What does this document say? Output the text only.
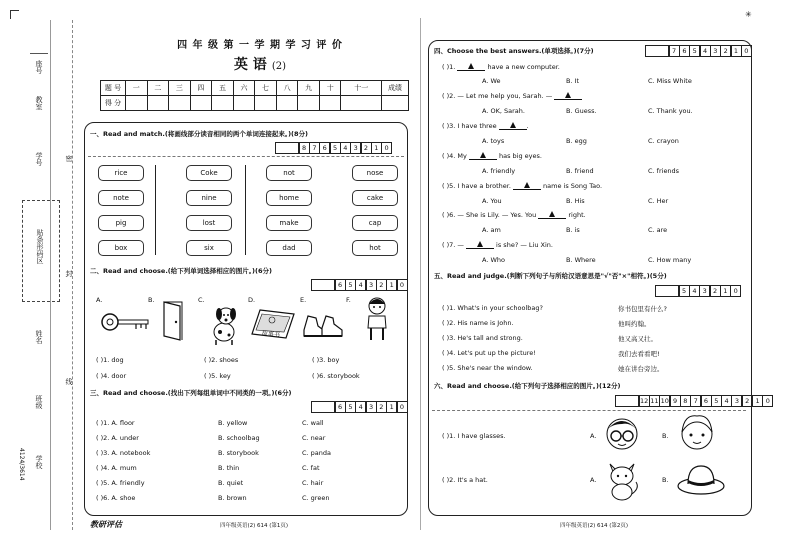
座号
教室
学号	密
贴条形码区
封
姓名
线
班级
学校
4124/3614
四 年 级 第 一 学 期 学 习 评 价
英 语 (2)
题 号	一	二	三	四	五	六	七	八	九	十	十一	成绩
得 分												
一、Read and match.(将画线部分读音相同的两个单词连接起来。)(8分)
8 7 6 5 4 3 2 1 0
rice	Coke	not	nose
note	nine	home	cake
pig	lost	make	cap
box	six	dad	hot
二、Read and choose.(给下列单词选择相应的图片。)(6分)
6 5 4 3 2 1 0
A.	B.	C.	D.	E.	F.
故事书
( )1. dog	( )2. shoes	( )3. boy
( )4. door	( )5. key	( )6. storybook
三、Read and choose.(找出下列每组单词中不同类的一项。)(6分)
6 5 4 3 2 1 0
( )1. A. floor	B. yellow	C. wall
( )2. A. under	B. schoolbag	C. near
( )3. A. notebook	B. storybook	C. panda
( )4. A. mum	B. thin	C. fat
( )5. A. friendly	B. quiet	C. hair
( )6. A. shoe	B. brown	C. green
教研评估	四年级英语(2) 614 (第1页)
四、Choose the best answers.(单项选择。)(7分)	7 6 5 4 3 2 1 0
( )1.	have a new computer.
A. We	B. It	C. Miss White
( )2. — Let me help you, Sarah. —
A. OK, Sarah.	B. Guess.	C. Thank you.
( )3. I have three	.
A. toys	B. egg	C. crayon
( )4. My	has big eyes.
A. friendly	B. friend	C. friends
( )5. I have a brother.	name is Song Tao.
A. You	B. His	C. Her
( )6. — She is Lily. — Yes. You	right.
A. am	B. is	C. are
( )7. —	is she? — Liu Xin.
A. Who	B. Where	C. How many
五、Read and judge.(判断下列句子与所给汉语意思是"√"否"×"相符。)(5分)
5 4 3 2 1 0
( )1. What's in your schoolbag?	你书包里有什么?
( )2. His name is John.	他叫约翰。
( )3. He's tall and strong.	他又高又壮。
( )4. Let's put up the picture!	我们去看看吧!
( )5. She's near the window.	她在讲台旁边。
六、Read and choose.(给下列句子选择相应的图片。)(12分)
12 11 10 9 8 7 6 5 4 3 2 1 0
( )1. I have glasses.	A.	B.
( )2. It's a hat.	A.	B.
四年级英语(2) 614 (第2页)
✳
